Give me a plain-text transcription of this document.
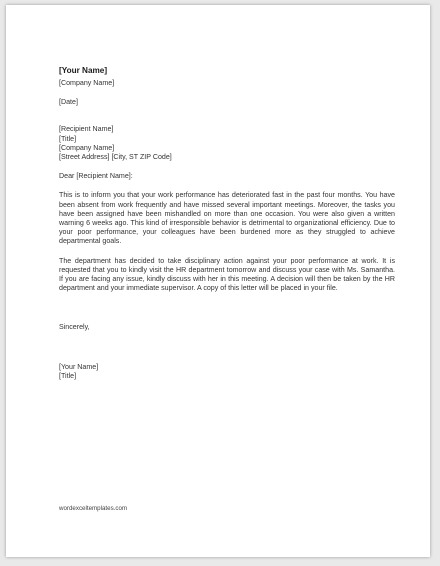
[Your Name]

[Company Name]

[Date]

[Recipient Name]

[Title]

[Company Name]

[Street Address] [City, ST ZIP Code]

Dear [Recipient Name]:

This is to inform you that your work performance has deteriorated fast in the past four months. You have been absent from work frequently and have missed several important meetings. Moreover, the tasks you have been assigned have been mishandled on more than one occasion. You were also given a written warning 6 weeks ago. This kind of irresponsible behavior is detrimental to organizational efficiency. Due to your poor performance, your colleagues have been burdened more as they struggled to achieve departmental goals.

The department has decided to take disciplinary action against your poor performance at work. It is requested that you to kindly visit the HR department tomorrow and discuss your case with Ms. Samantha. If you are facing any issue, kindly discuss with her in this meeting. A decision will then be taken by the HR department and your immediate supervisor. A copy of this letter will be placed in your file.

Sincerely,

[Your Name]

[Title]

wordexceltemplates.com
